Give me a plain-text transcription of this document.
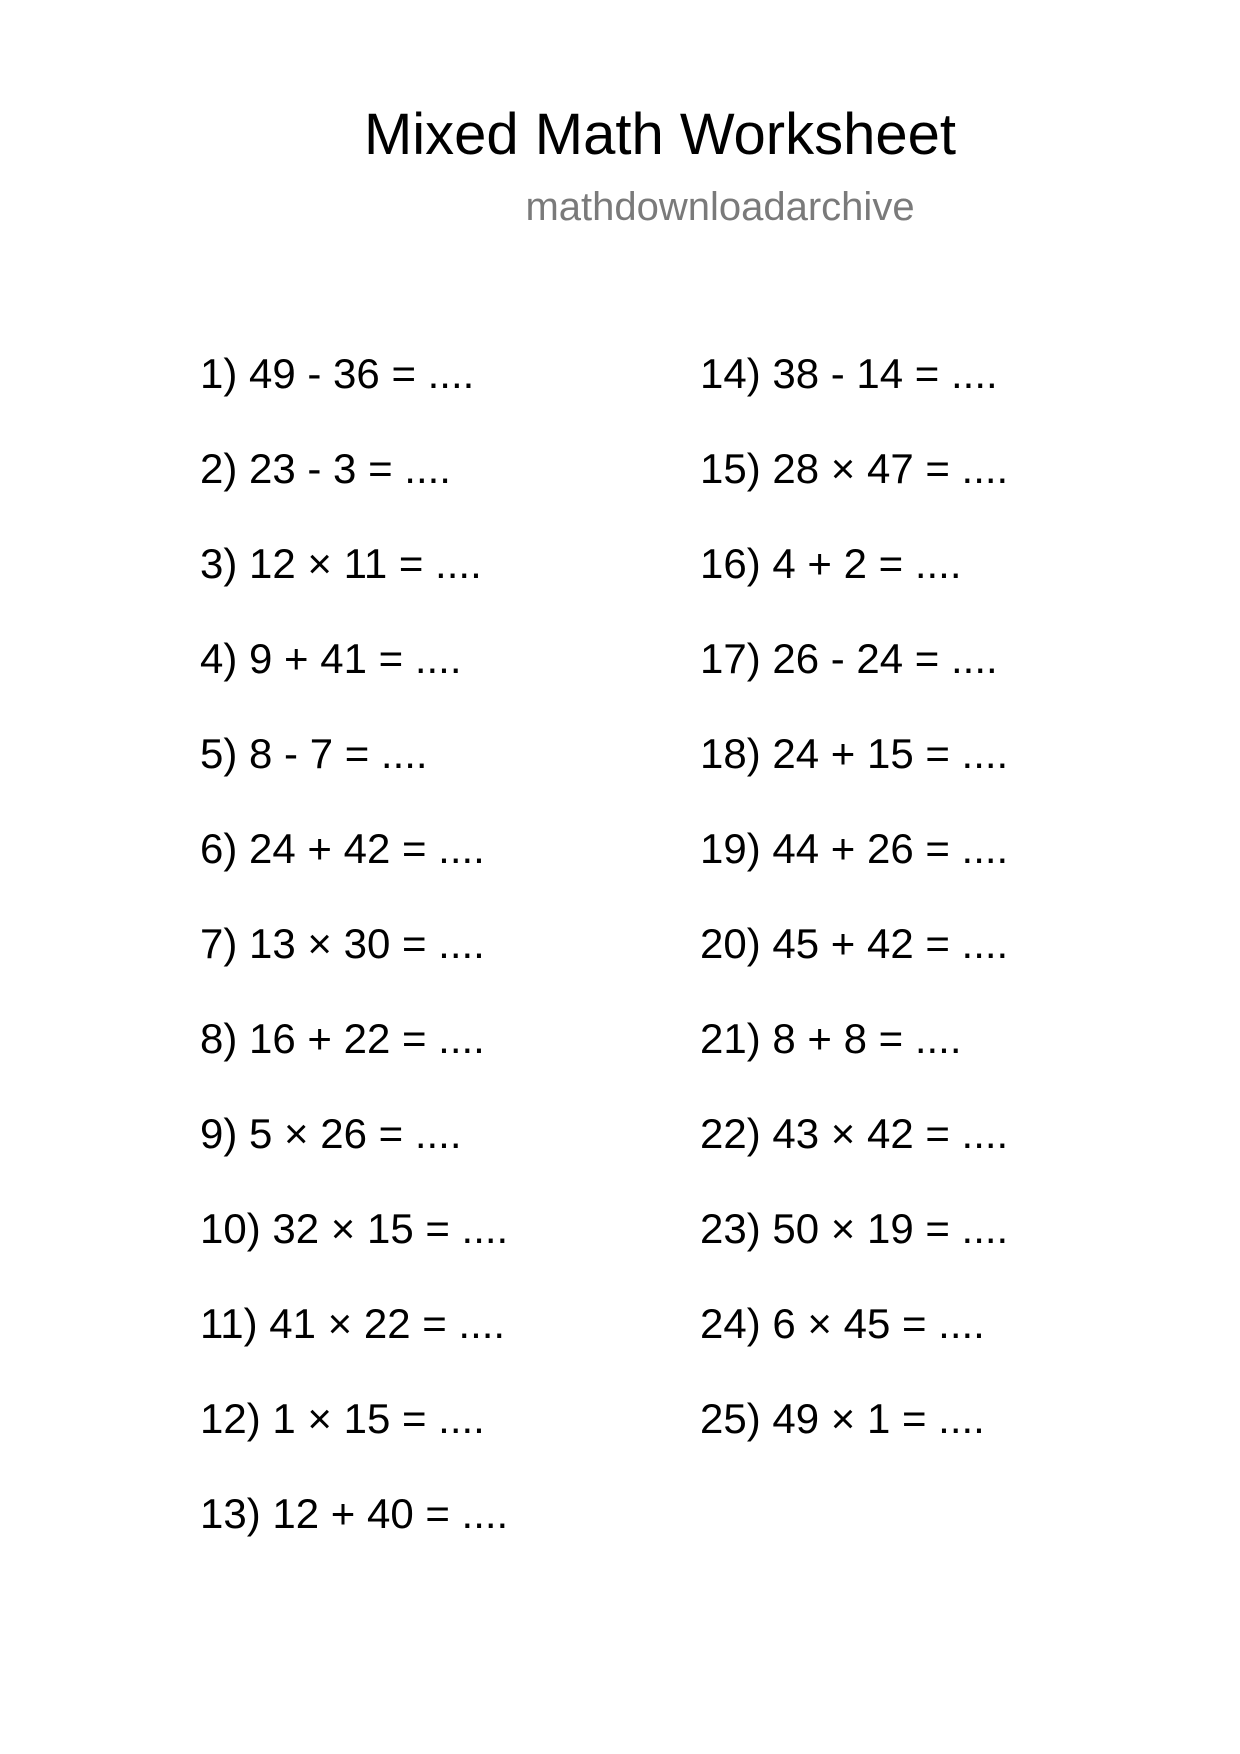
Mixed Math Worksheet
mathdownloadarchive
1) 49 - 36 = ....
2) 23 - 3 = ....
3) 12 × 11 = ....
4) 9 + 41 = ....
5) 8 - 7 = ....
6) 24 + 42 = ....
7) 13 × 30 = ....
8) 16 + 22 = ....
9) 5 × 26 = ....
10) 32 × 15 = ....
11) 41 × 22 = ....
12) 1 × 15 = ....
13) 12 + 40 = ....
14) 38 - 14 = ....
15) 28 × 47 = ....
16) 4 + 2 = ....
17) 26 - 24 = ....
18) 24 + 15 = ....
19) 44 + 26 = ....
20) 45 + 42 = ....
21) 8 + 8 = ....
22) 43 × 42 = ....
23) 50 × 19 = ....
24) 6 × 45 = ....
25) 49 × 1 = ....
